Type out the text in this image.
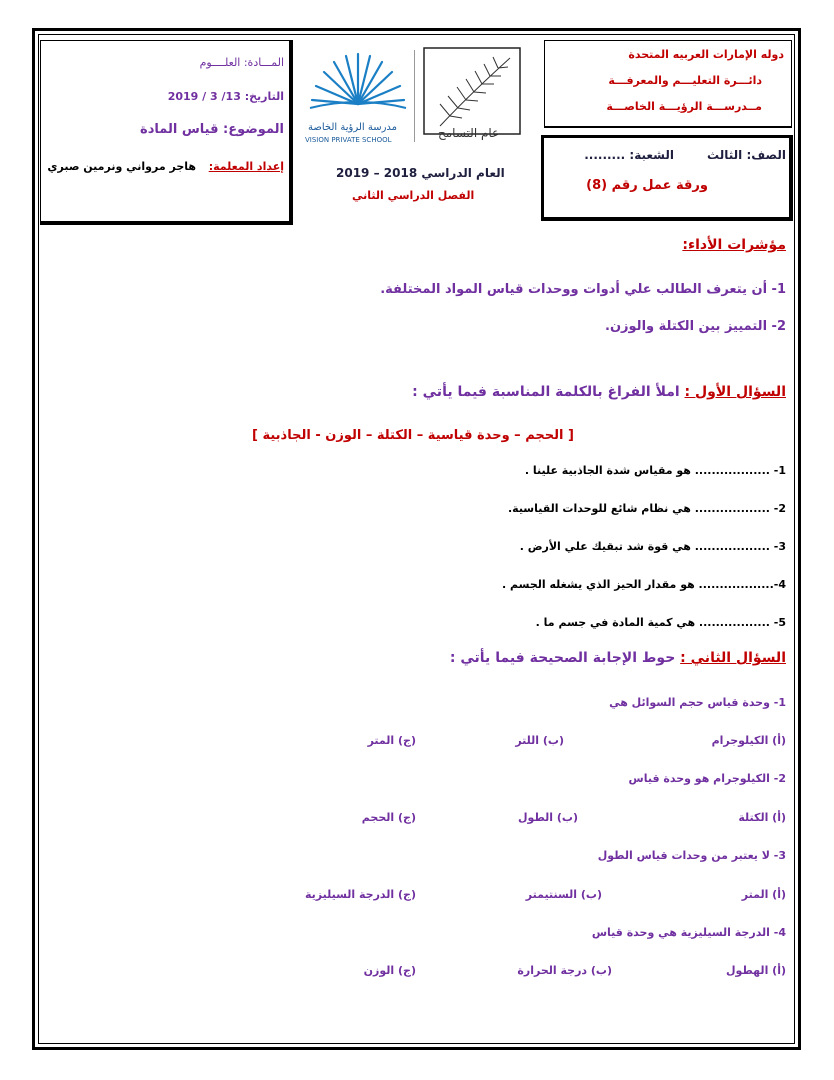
دوله الإمارات العربيه المتحدة
دائـــرة التعليـــم والمعرفـــة
مــدرســـة الرؤيـــة الخاصـــة
الصف: الثالث
الشعبة: .........
ورقة عمل رقم (8)
مدرسة الرؤية الخاصة
VISION PRIVATE SCHOOL	عام التسامح
العام الدراسي 2018 – 2019
الفصل الدراسي الثاني
المـــادة: العلــــوم
التاريخ: 13/ 3 / 2019
الموضوع: قياس المادة
إعداد المعلمة:
هاجر مرواني ونرمين صبري
مؤشرات الأداء:
1- أن يتعرف الطالب علي أدوات ووحدات قياس المواد المختلفة.
2- التمييز بين الكتلة والوزن.
السؤال الأول : املأ الفراغ بالكلمة المناسبة فيما يأتي :
[ الحجم – وحدة قياسية – الكتلة – الوزن - الجاذبية ]
1- .................. هو مقياس شدة الجاذبية علينا .
2- .................. هي نظام شائع للوحدات القياسية.
3- .................. هي قوة شد تبقيك علي الأرض .
4-.................. هو مقدار الحيز الذي يشغله الجسم .
5- ................. هي كمية المادة في جسم ما .
السؤال الثاني : حوط الإجابة الصحيحة فيما يأتي :
1- وحدة قياس حجم السوائل هي
(أ) الكيلوجرام
(ب) اللتر
(ج) المتر
2- الكيلوجرام هو وحدة قياس
(أ) الكتلة
(ب) الطول
(ج) الحجم
3- لا يعتبر من وحدات قياس الطول
(أ) المتر
(ب) السنتيمتر
(ج) الدرجة السيليزية
4- الدرجة السيليزية هي وحدة قياس
(أ) الهطول
(ب) درجة الحرارة
(ج) الوزن
